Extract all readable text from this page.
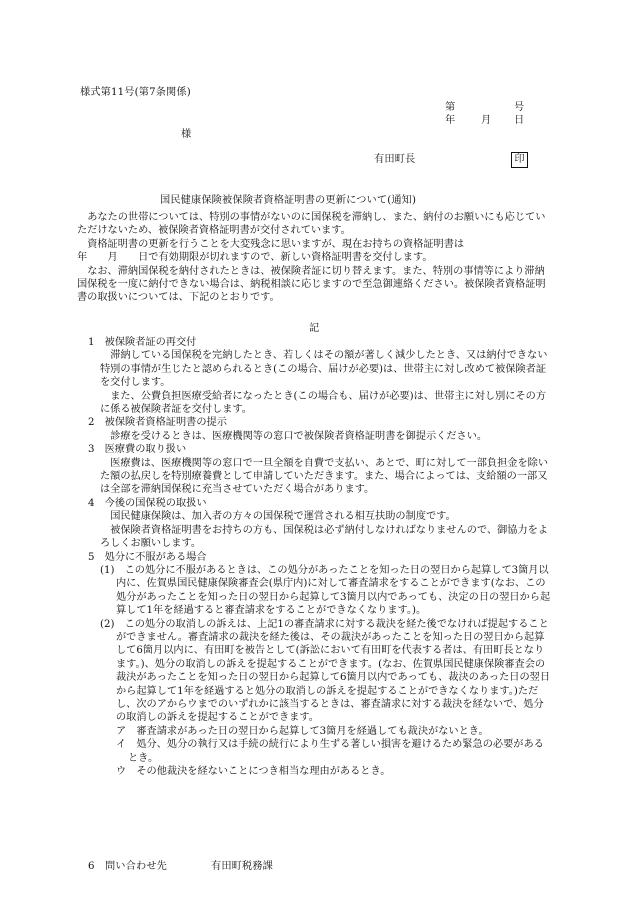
様式第11号(第7条関係)
第	号
年	月 日
様
有田町長	印
国民健康保険被保険者資格証明書の更新について(通知)

あなたの世帯については、特別の事情がないのに国保税を滞納し、また、納付のお願いにも応じていただけないため、被保険者資格証明書が交付されています。

資格証明書の更新を行うことを大変残念に思いますが、現在お持ちの資格証明書は

年　　月　　日で有効期限が切れますので、新しい資格証明書を交付します。

なお、滞納国保税を納付されたときは、被保険者証に切り替えます。また、特別の事情等により滞納国保税を一度に納付できない場合は、納税相談に応じますので至急御連絡ください。被保険者資格証明書の取扱いについては、下記のとおりです。

記

1　被保険者証の再交付

滞納している国保税を完納したとき、若しくはその額が著しく減少したとき、又は納付できない特別の事情が生じたと認められるとき(この場合、届けが必要)は、世帯主に対し改めて被保険者証を交付します。

また、公費負担医療受給者になったとき(この場合も、届けが必要)は、世帯主に対し別にその方に係る被保険者証を交付します。

2　被保険者資格証明書の提示

診療を受けるときは、医療機関等の窓口で被保険者資格証明書を御提示ください。

3　医療費の取り扱い

医療費は、医療機関等の窓口で一旦全額を自費で支払い、あとで、町に対して一部負担金を除いた額の払戻しを特別療養費として申請していただきます。また、場合によっては、支給額の一部又は全部を滞納国保税に充当させていただく場合があります。

4　今後の国保税の取扱い

国民健康保険は、加入者の方々の国保税で運営される相互扶助の制度です。

被保険者資格証明書をお持ちの方も、国保税は必ず納付しなければなりませんので、御協力をよろしくお願いします。

5　処分に不服がある場合

(1)　この処分に不服があるときは、この処分があったことを知った日の翌日から起算して3箇月以内に、佐賀県国民健康保険審査会(県庁内)に対して審査請求をすることができます(なお、この処分があったことを知った日の翌日から起算して3箇月以内であっても、決定の日の翌日から起算して1年を経過すると審査請求をすることができなくなります。)。

(2)　この処分の取消しの訴えは、上記1の審査請求に対する裁決を経た後でなければ提起することができません。審査請求の裁決を経た後は、その裁決があったことを知った日の翌日から起算して6箇月以内に、有田町を被告として(訴訟において有田町を代表する者は、有田町長となります。)、処分の取消しの訴えを提起することができます。(なお、佐賀県国民健康保険審査会の裁決があったことを知った日の翌日から起算して6箇月以内であっても、裁決のあった日の翌日から起算して1年を経過すると処分の取消しの訴えを提起することができなくなります。)ただし、次のアからウまでのいずれかに該当するときは、審査請求に対する裁決を経ないで、処分の取消しの訴えを提起することができます。

ア　審査請求があった日の翌日から起算して3箇月を経過しても裁決がないとき。

イ　処分、処分の執行又は手続の続行により生ずる著しい損害を避けるため緊急の必要があるとき。

ウ　その他裁決を経ないことにつき相当な理由があるとき。

6　問い合わせ先	有田町税務課
